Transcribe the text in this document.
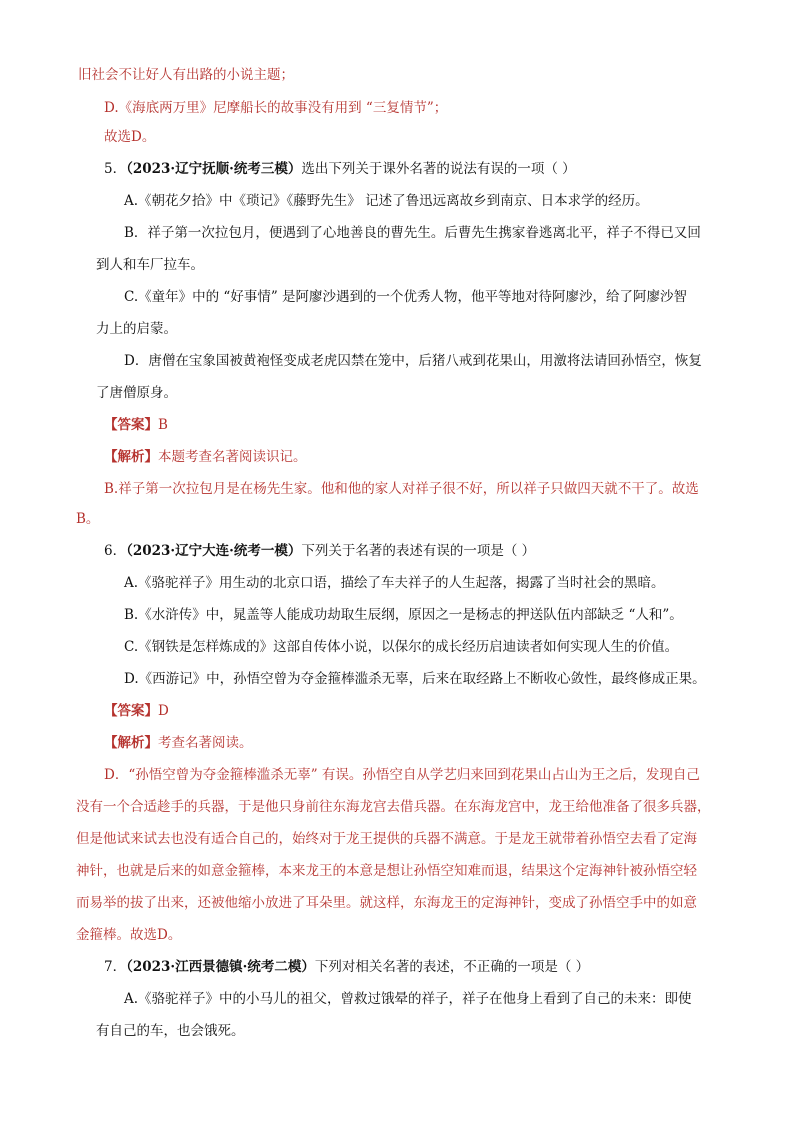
旧社会不让好人有出路的小说主题；
D.《海底两万里》尼摩船长的故事没有用到 “三复情节”；
故选D。
5．（2023·辽宁抚顺·统考三模）选出下列关于课外名著的说法有误的一项（ ）
A.《朝花夕拾》中《琐记》《藤野先生》 记述了鲁迅远离故乡到南京、日本求学的经历。
B．祥子第一次拉包月，便遇到了心地善良的曹先生。后曹先生携家眷逃离北平，祥子不得已又回
到人和车厂拉车。
C.《童年》中的 “好事情” 是阿廖沙遇到的一个优秀人物，他平等地对待阿廖沙，给了阿廖沙智
力上的启蒙。
D．唐僧在宝象国被黄袍怪变成老虎囚禁在笼中，后猪八戒到花果山，用激将法请回孙悟空，恢复
了唐僧原身。
【答案】B
【解析】本题考查名著阅读识记。
B.祥子第一次拉包月是在杨先生家。他和他的家人对祥子很不好，所以祥子只做四天就不干了。故选
B。
6．（2023·辽宁大连·统考一模）下列关于名著的表述有误的一项是（ ）
A.《骆驼祥子》用生动的北京口语，描绘了车夫祥子的人生起落，揭露了当时社会的黑暗。
B.《水浒传》中，晁盖等人能成功劫取生辰纲，原因之一是杨志的押送队伍内部缺乏 “人和”。
C.《钢铁是怎样炼成的》这部自传体小说，以保尔的成长经历启迪读者如何实现人生的价值。
D.《西游记》中，孙悟空曾为夺金箍棒滥杀无辜，后来在取经路上不断收心敛性，最终修成正果。
【答案】D
【解析】考查名著阅读。
D．“孙悟空曾为夺金箍棒滥杀无辜” 有误。孙悟空自从学艺归来回到花果山占山为王之后，发现自己
没有一个合适趁手的兵器，于是他只身前往东海龙宫去借兵器。在东海龙宫中，龙王给他准备了很多兵器，
但是他试来试去也没有适合自己的，始终对于龙王提供的兵器不满意。于是龙王就带着孙悟空去看了定海
神针，也就是后来的如意金箍棒，本来龙王的本意是想让孙悟空知难而退，结果这个定海神针被孙悟空轻
而易举的拔了出来，还被他缩小放进了耳朵里。就这样，东海龙王的定海神针，变成了孙悟空手中的如意
金箍棒。故选D。
7．（2023·江西景德镇·统考二模）下列对相关名著的表述，不正确的一项是（ ）
A.《骆驼祥子》中的小马儿的祖父，曾救过饿晕的祥子，祥子在他身上看到了自己的未来：即使
有自己的车，也会饿死。
